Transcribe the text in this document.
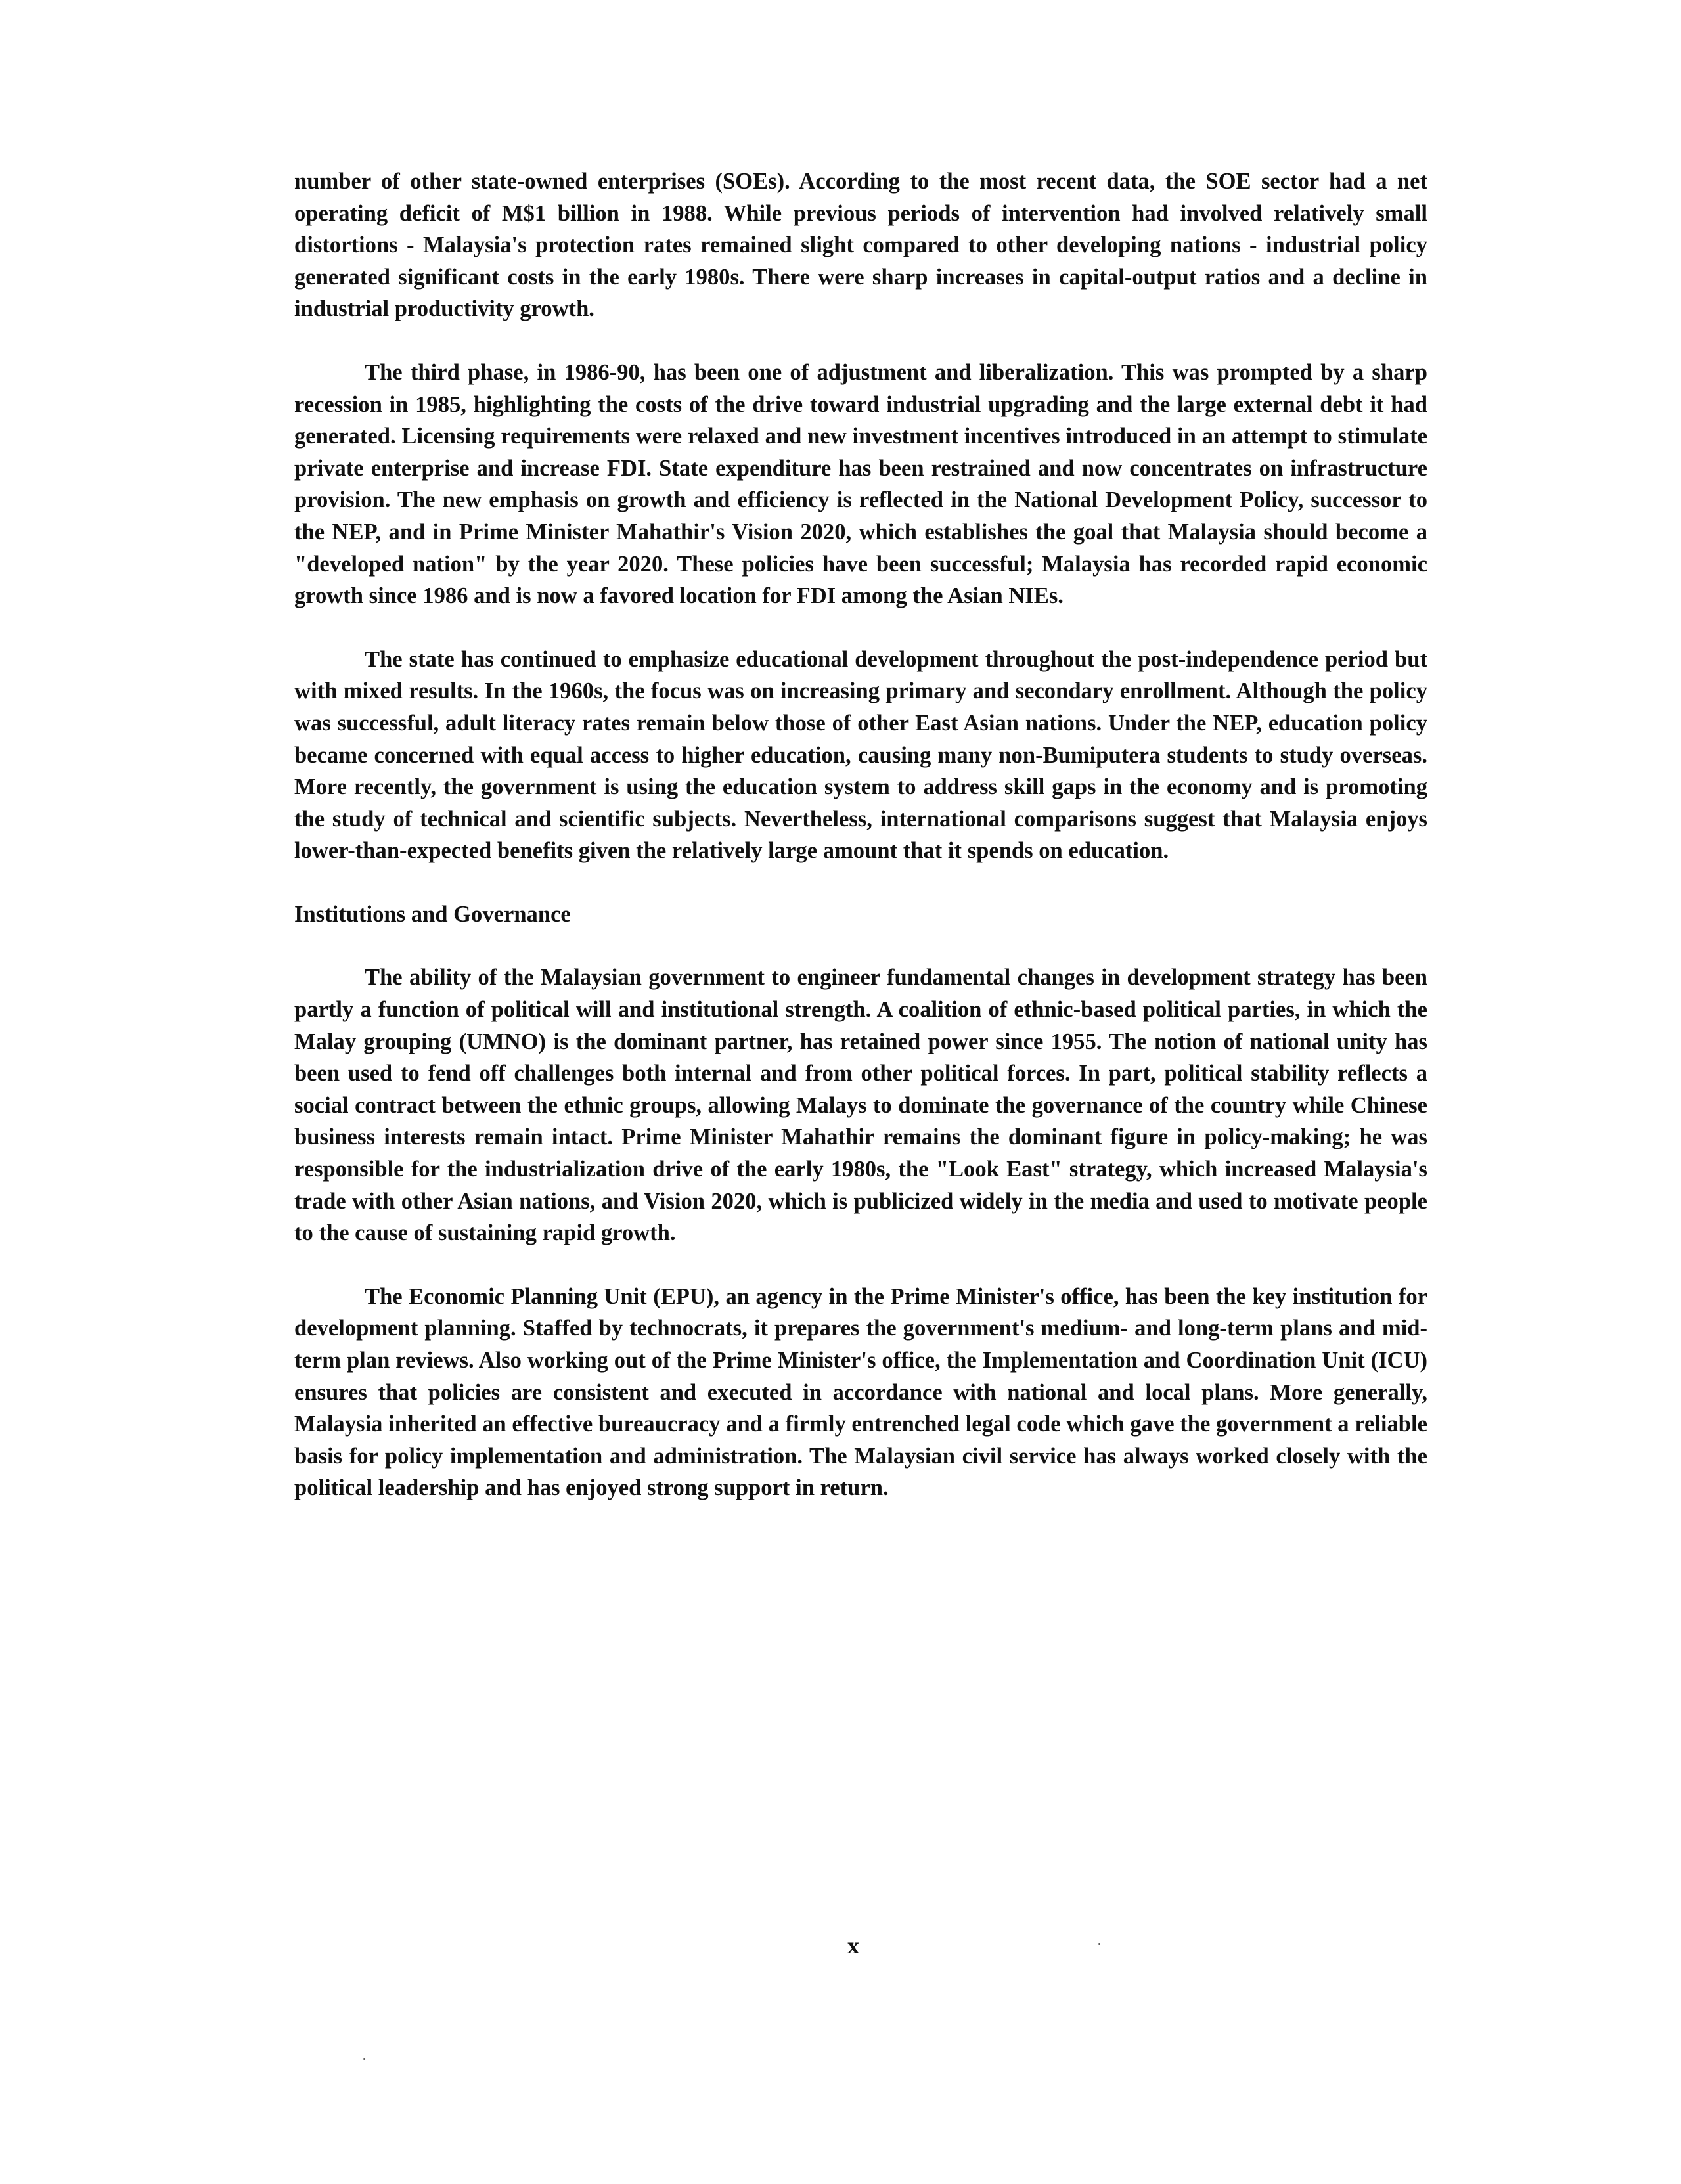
number of other state-owned enterprises (SOEs). According to the most recent data, the SOE sector had a net operating deficit of M$1 billion in 1988. While previous periods of intervention had involved relatively small distortions - Malaysia's protection rates remained slight compared to other developing nations - industrial policy generated significant costs in the early 1980s. There were sharp increases in capital-output ratios and a decline in industrial productivity growth.

The third phase, in 1986-90, has been one of adjustment and liberalization. This was prompted by a sharp recession in 1985, highlighting the costs of the drive toward industrial upgrading and the large external debt it had generated. Licensing requirements were relaxed and new investment incentives introduced in an attempt to stimulate private enterprise and increase FDI. State expenditure has been restrained and now concentrates on infrastructure provision. The new emphasis on growth and efficiency is reflected in the National Development Policy, successor to the NEP, and in Prime Minister Mahathir's Vision 2020, which establishes the goal that Malaysia should become a "developed nation" by the year 2020. These policies have been successful; Malaysia has recorded rapid economic growth since 1986 and is now a favored location for FDI among the Asian NIEs.

The state has continued to emphasize educational development throughout the post-independence period but with mixed results. In the 1960s, the focus was on increasing primary and secondary enrollment. Although the policy was successful, adult literacy rates remain below those of other East Asian nations. Under the NEP, education policy became concerned with equal access to higher education, causing many non-Bumiputera students to study overseas. More recently, the government is using the education system to address skill gaps in the economy and is promoting the study of technical and scientific subjects. Nevertheless, international comparisons suggest that Malaysia enjoys lower-than-expected benefits given the relatively large amount that it spends on education.

Institutions and Governance

The ability of the Malaysian government to engineer fundamental changes in development strategy has been partly a function of political will and institutional strength. A coalition of ethnic-based political parties, in which the Malay grouping (UMNO) is the dominant partner, has retained power since 1955. The notion of national unity has been used to fend off challenges both internal and from other political forces. In part, political stability reflects a social contract between the ethnic groups, allowing Malays to dominate the governance of the country while Chinese business interests remain intact. Prime Minister Mahathir remains the dominant figure in policy-making; he was responsible for the industrialization drive of the early 1980s, the "Look East" strategy, which increased Malaysia's trade with other Asian nations, and Vision 2020, which is publicized widely in the media and used to motivate people to the cause of sustaining rapid growth.

The Economic Planning Unit (EPU), an agency in the Prime Minister's office, has been the key institution for development planning. Staffed by technocrats, it prepares the government's medium- and long-term plans and mid-term plan reviews. Also working out of the Prime Minister's office, the Implementation and Coordination Unit (ICU) ensures that policies are consistent and executed in accordance with national and local plans. More generally, Malaysia inherited an effective bureaucracy and a firmly entrenched legal code which gave the government a reliable basis for policy implementation and administration. The Malaysian civil service has always worked closely with the political leadership and has enjoyed strong support in return.

x
